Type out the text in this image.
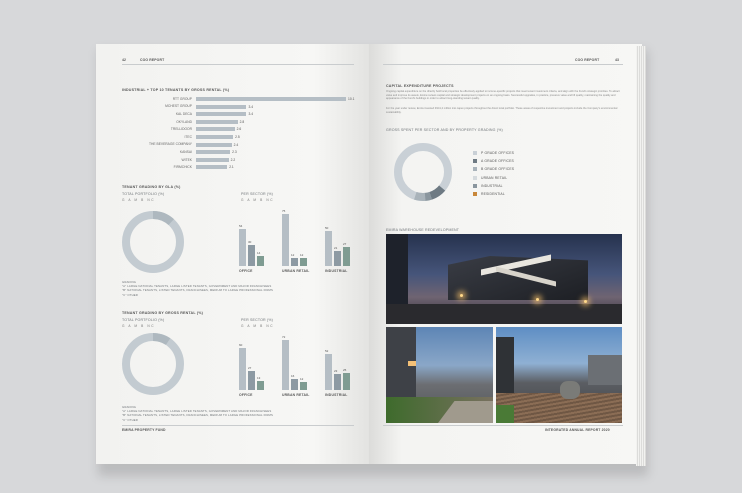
42	COO REPORT
INDUSTRIAL + TOP 10 TENANTS BY GROSS RENTAL (%)
RTT GROUP	10.1
MCHEST GROUP	3.4
KAL DECA	3.4
OKYLAND	2.8
TRELLIDOOR	2.6
ITEC	2.5
THE BEVERAGE COMPANY	2.4
KANSAI	2.3
WITEK	2.2
FIRMCHICK	2.1
TENANT GRADING BY GLA (%)
TOTAL PORTFOLIO (%)
G A M B NC
PER SECTOR (%)
G A M B NC
54
30
14
OFFICE
75
12 12
URBAN RETAIL
50
21
27
INDUSTRIAL
GRADING
"A" LARGE NATIONAL TENANTS, LARGE LISTED TENANTS, GOVERNMENT AND MAJOR FRANCHISEES
"B" NATIONAL TENANTS, LISTED TENANTS, FRANCHISEES, MEDIUM TO LARGE PROFESSIONAL FIRMS
"C" OTHER
TENANT GRADING BY GROSS RENTAL (%)
TOTAL PORTFOLIO (%)
G A M B NC
PER SECTOR (%)
G A M B NC
60
27
13
OFFICE
72
16
12
URBAN RETAIL
52
23 25
INDUSTRIAL
GRADING
"A" LARGE NATIONAL TENANTS, LARGE LISTED TENANTS, GOVERNMENT AND MAJOR FRANCHISEES
"B" NATIONAL TENANTS, LISTED TENANTS, FRANCHISEES, MEDIUM TO LARGE PROFESSIONAL FIRMS
"C" OTHER
EMIRA PROPERTY FUND
COO REPORT	43
CAPITAL EXPENDITURE PROJECTS
Ongoing capital expenditure on the directly held local properties be effectively applied to income-specific projects that meet tenant investment criteria, and align with the Fund's strategic priorities. To attract value and improve its assets, Emira reviews capital and strategic development projects on an ongoing basis. Successful upgrades, in practice, preserve value and lift quality, maintaining the quality and appearance of the Fund's buildings in order to attract long-standing tenant quality.
For the year under review, Emira invested R141,2 million into capex projects throughout the direct local portfolio. These areas of respective investment and projects include the Company's environmental sustainability.
GROSS SPENT PER SECTOR AND BY PROPERTY GRADING (%)
P GRADE OFFICES
A GRADE OFFICES
B GRADE OFFICES
URBAN RETAIL
INDUSTRIAL
RESIDENTIAL
EMIRA WAREHOUSE REDEVELOPMENT
INTEGRATED ANNUAL REPORT 2020
